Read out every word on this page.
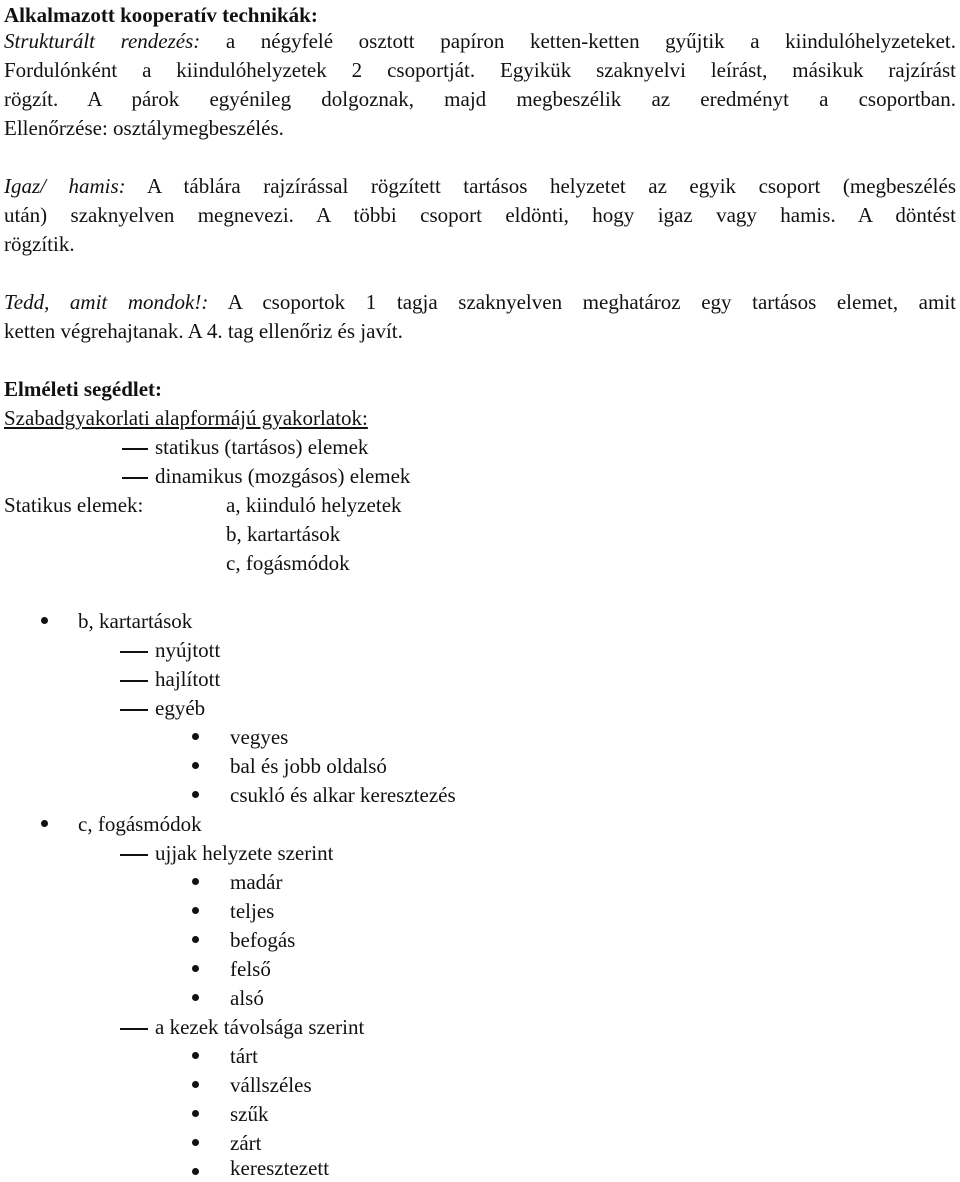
Alkalmazott kooperatív technikák:
Strukturált rendezés: a négyfelé osztott papíron ketten-ketten gyűjtik a kiindulóhelyzeteket.
Fordulónként a kiindulóhelyzetek 2 csoportját. Egyikük szaknyelvi leírást, másikuk rajzírást
rögzít. A párok egyénileg dolgoznak, majd megbeszélik az eredményt a csoportban.
Ellenőrzése: osztálymegbeszélés.
Igaz/ hamis: A táblára rajzírással rögzített tartásos helyzetet az egyik csoport (megbeszélés
után) szaknyelven megnevezi. A többi csoport eldönti, hogy igaz vagy hamis. A döntést
rögzítik.
Tedd, amit mondok!: A csoportok 1 tagja szaknyelven meghatároz egy tartásos elemet, amit
ketten végrehajtanak. A 4. tag ellenőriz és javít.
Elméleti segédlet:
Szabadgyakorlati alapformájú gyakorlatok:
statikus (tartásos) elemek
dinamikus (mozgásos) elemek
Statikus elemek:	a, kiinduló helyzetek
b, kartartások
c, fogásmódok
b, kartartások
nyújtott
hajlított
egyéb
vegyes
bal és jobb oldalsó
csukló és alkar keresztezés
c, fogásmódok
ujjak helyzete szerint
madár
teljes
befogás
felső
alsó
a kezek távolsága szerint
tárt
vállszéles
szűk
zárt
keresztezett
